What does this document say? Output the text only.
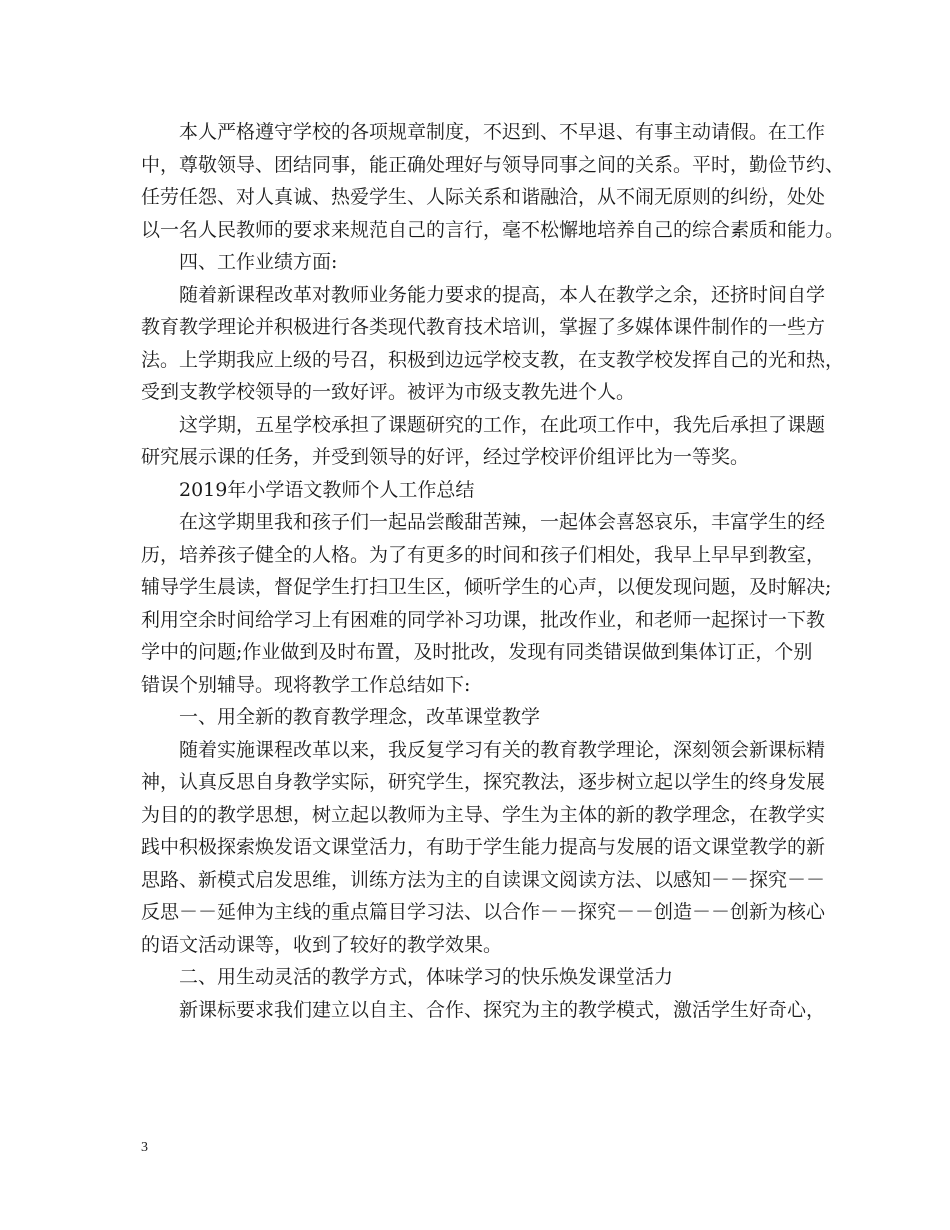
　　本人严格遵守学校的各项规章制度，不迟到、不早退、有事主动请假。在工作
中，尊敬领导、团结同事，能正确处理好与领导同事之间的关系。平时，勤俭节约、
任劳任怨、对人真诚、热爱学生、人际关系和谐融洽，从不闹无原则的纠纷，处处
以一名人民教师的要求来规范自己的言行，毫不松懈地培养自己的综合素质和能力。
　　四、工作业绩方面:
　　随着新课程改革对教师业务能力要求的提高，本人在教学之余，还挤时间自学
教育教学理论并积极进行各类现代教育技术培训，掌握了多媒体课件制作的一些方
法。上学期我应上级的号召，积极到边远学校支教，在支教学校发挥自己的光和热，
受到支教学校领导的一致好评。被评为市级支教先进个人。
　　这学期，五星学校承担了课题研究的工作，在此项工作中，我先后承担了课题
研究展示课的任务，并受到领导的好评，经过学校评价组评比为一等奖。
　　2019年小学语文教师个人工作总结
　　在这学期里我和孩子们一起品尝酸甜苦辣，一起体会喜怒哀乐，丰富学生的经
历，培养孩子健全的人格。为了有更多的时间和孩子们相处，我早上早早到教室，
辅导学生晨读，督促学生打扫卫生区，倾听学生的心声，以便发现问题，及时解决;
利用空余时间给学习上有困难的同学补习功课，批改作业，和老师一起探讨一下教
学中的问题;作业做到及时布置，及时批改，发现有同类错误做到集体订正，个别
错误个别辅导。现将教学工作总结如下:
　　一、用全新的教育教学理念，改革课堂教学
　　随着实施课程改革以来，我反复学习有关的教育教学理论，深刻领会新课标精
神，认真反思自身教学实际，研究学生，探究教法，逐步树立起以学生的终身发展
为目的的教学思想，树立起以教师为主导、学生为主体的新的教学理念，在教学实
践中积极探索焕发语文课堂活力，有助于学生能力提高与发展的语文课堂教学的新
思路、新模式启发思维，训练方法为主的自读课文阅读方法、以感知－－探究－－
反思－－延伸为主线的重点篇目学习法、以合作－－探究－－创造－－创新为核心
的语文活动课等，收到了较好的教学效果。
　　二、用生动灵活的教学方式，体味学习的快乐焕发课堂活力
　　新课标要求我们建立以自主、合作、探究为主的教学模式，激活学生好奇心，

3
